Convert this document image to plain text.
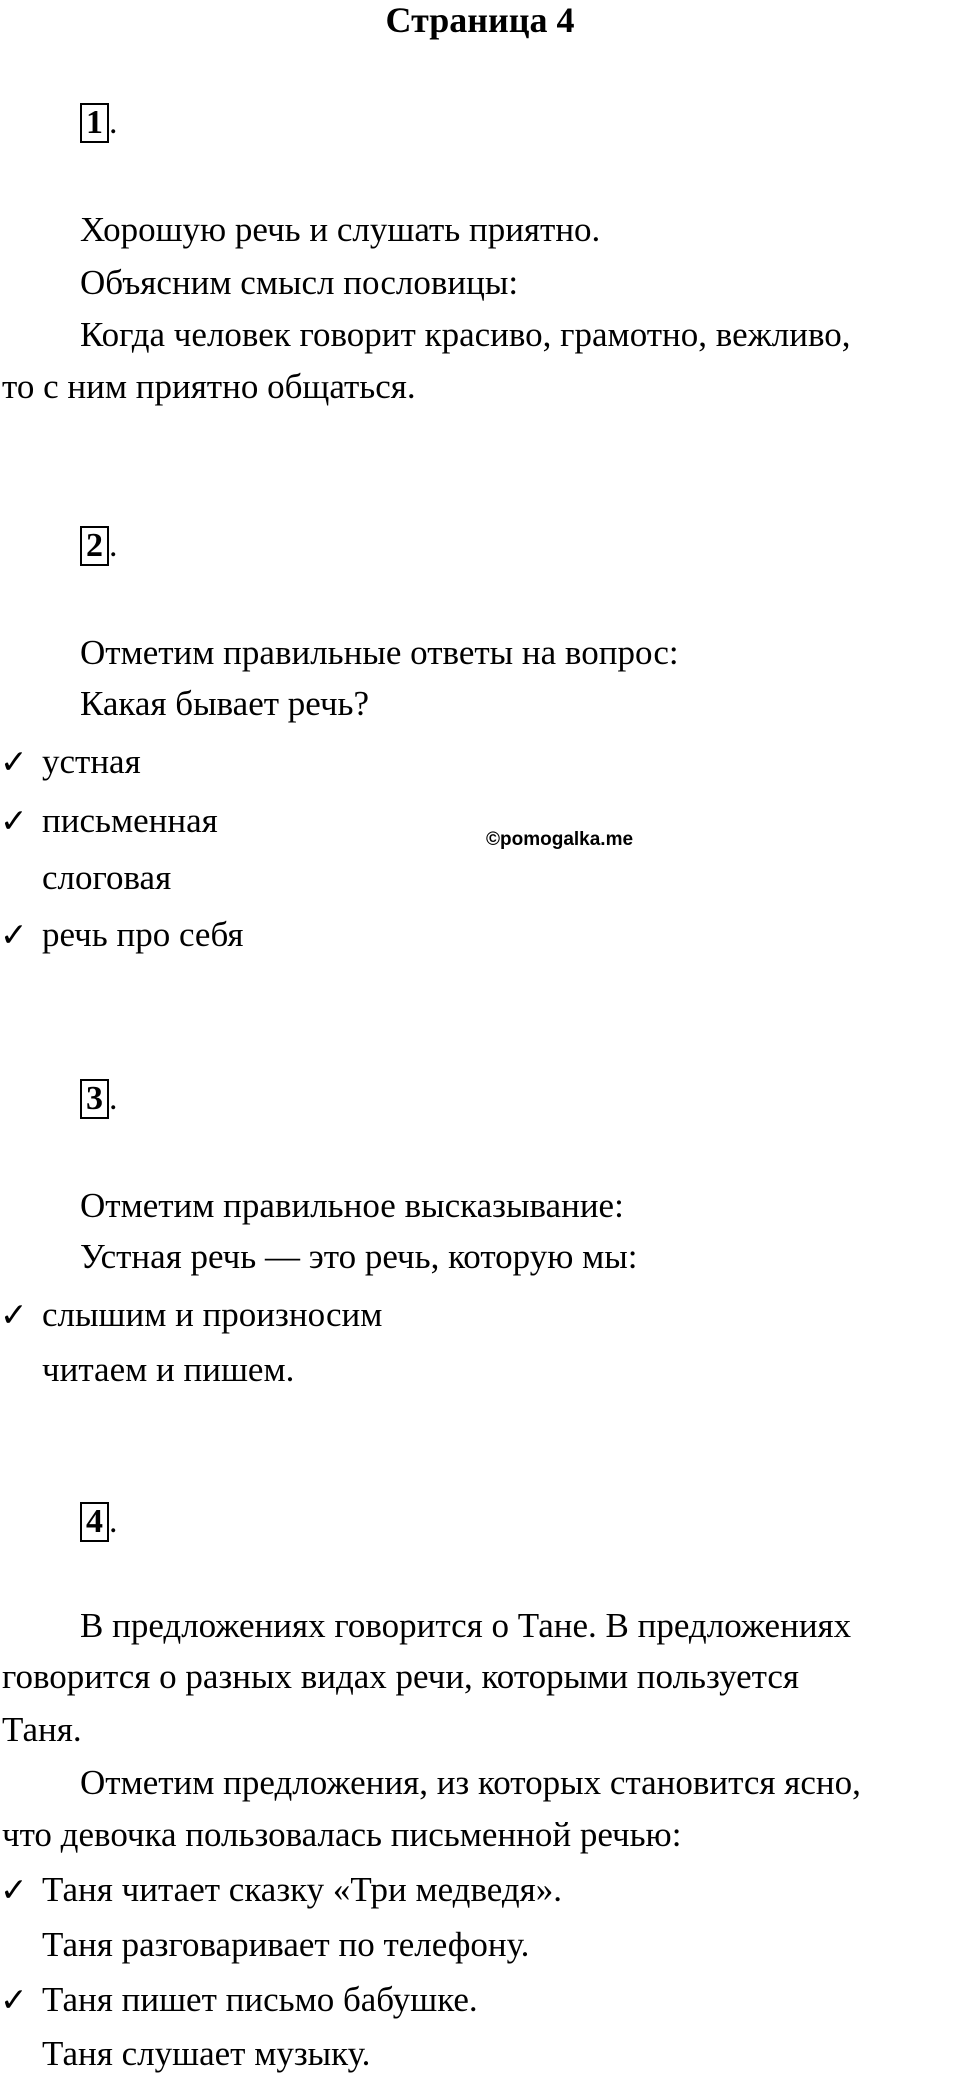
Страница 4
1 .
Хорошую речь и слушать приятно.
Объясним смысл пословицы:
Когда человек говорит красиво, грамотно, вежливо,
то с ним приятно общаться.
2 .
Отметим правильные ответы на вопрос:
Какая бывает речь?
✓ устная
✓ письменная
слоговая
✓ речь про себя
©pomogalka.me
3 .
Отметим правильное высказывание:
Устная речь — это речь, которую мы:
✓ слышим и произносим
читаем и пишем.
4 .
В предложениях говорится о Тане. В предложениях
говорится о разных видах речи, которыми пользуется
Таня.
Отметим предложения, из которых становится ясно,
что девочка пользовалась письменной речью:
✓ Таня читает сказку «Три медведя».
Таня разговаривает по телефону.
✓ Таня пишет письмо бабушке.
Таня слушает музыку.
